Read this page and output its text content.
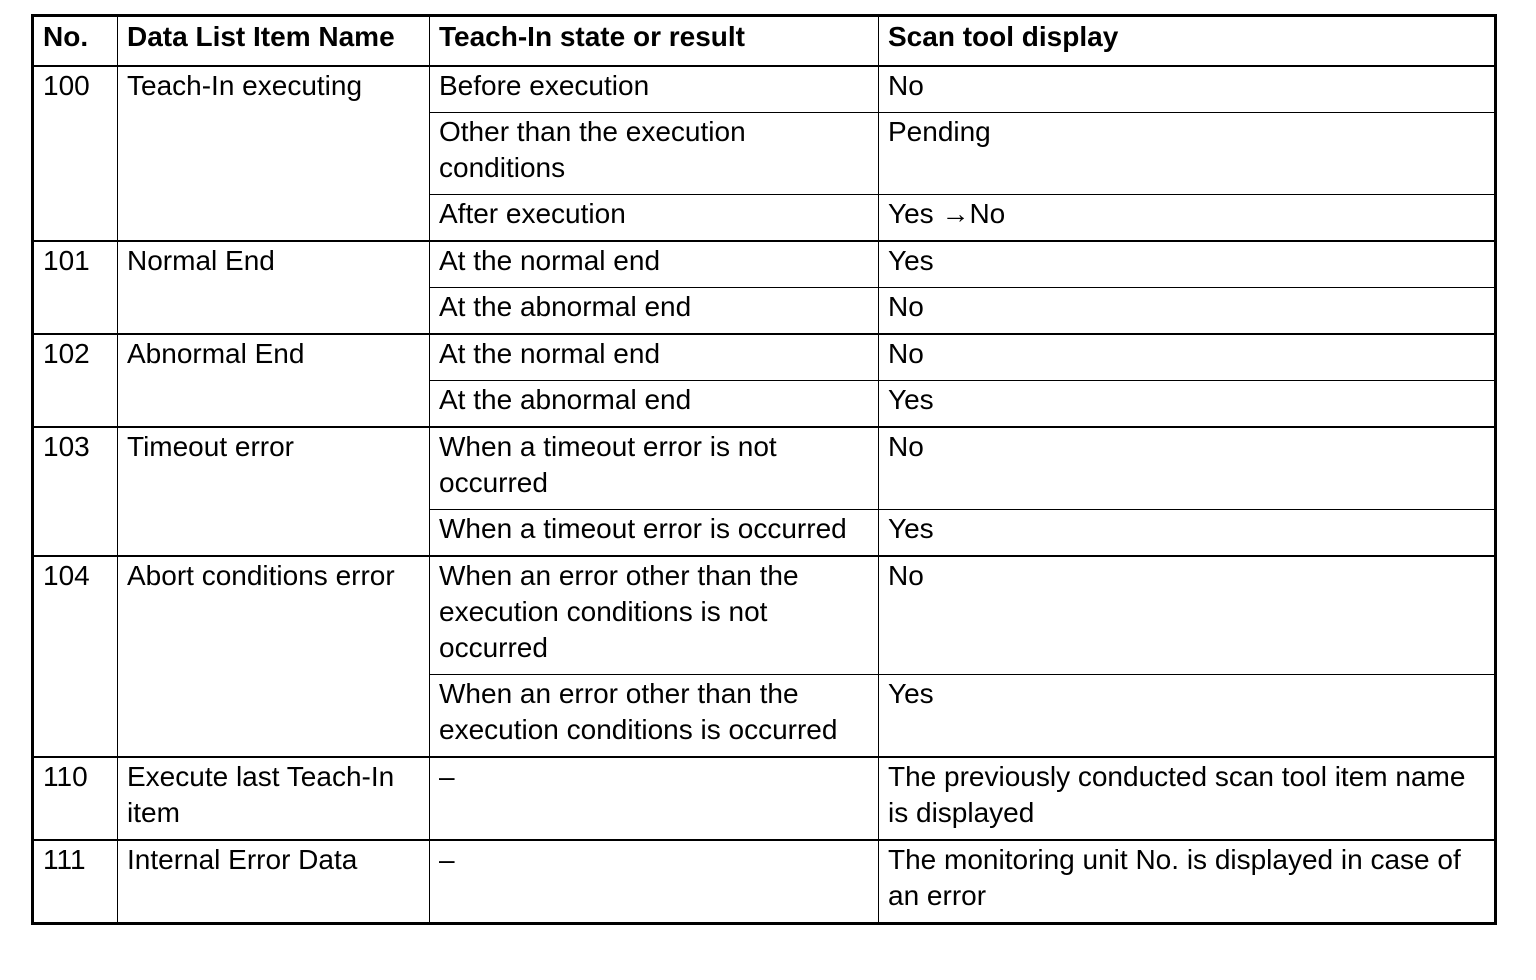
No.	Data List Item Name	Teach-In state or result	Scan tool display
100	Teach-In executing	Before execution	No
		Other than the execution conditions	Pending
		After execution	Yes →No
101	Normal End	At the normal end	Yes
		At the abnormal end	No
102	Abnormal End	At the normal end	No
		At the abnormal end	Yes
103	Timeout error	When a timeout error is not occurred	No
		When a timeout error is occurred	Yes
104	Abort conditions error	When an error other than the execution conditions is not occurred	No
		When an error other than the execution conditions is occurred	Yes
110	Execute last Teach-In item	–	The previously conducted scan tool item name is displayed
111	Internal Error Data	–	The monitoring unit No. is displayed in case of an error
